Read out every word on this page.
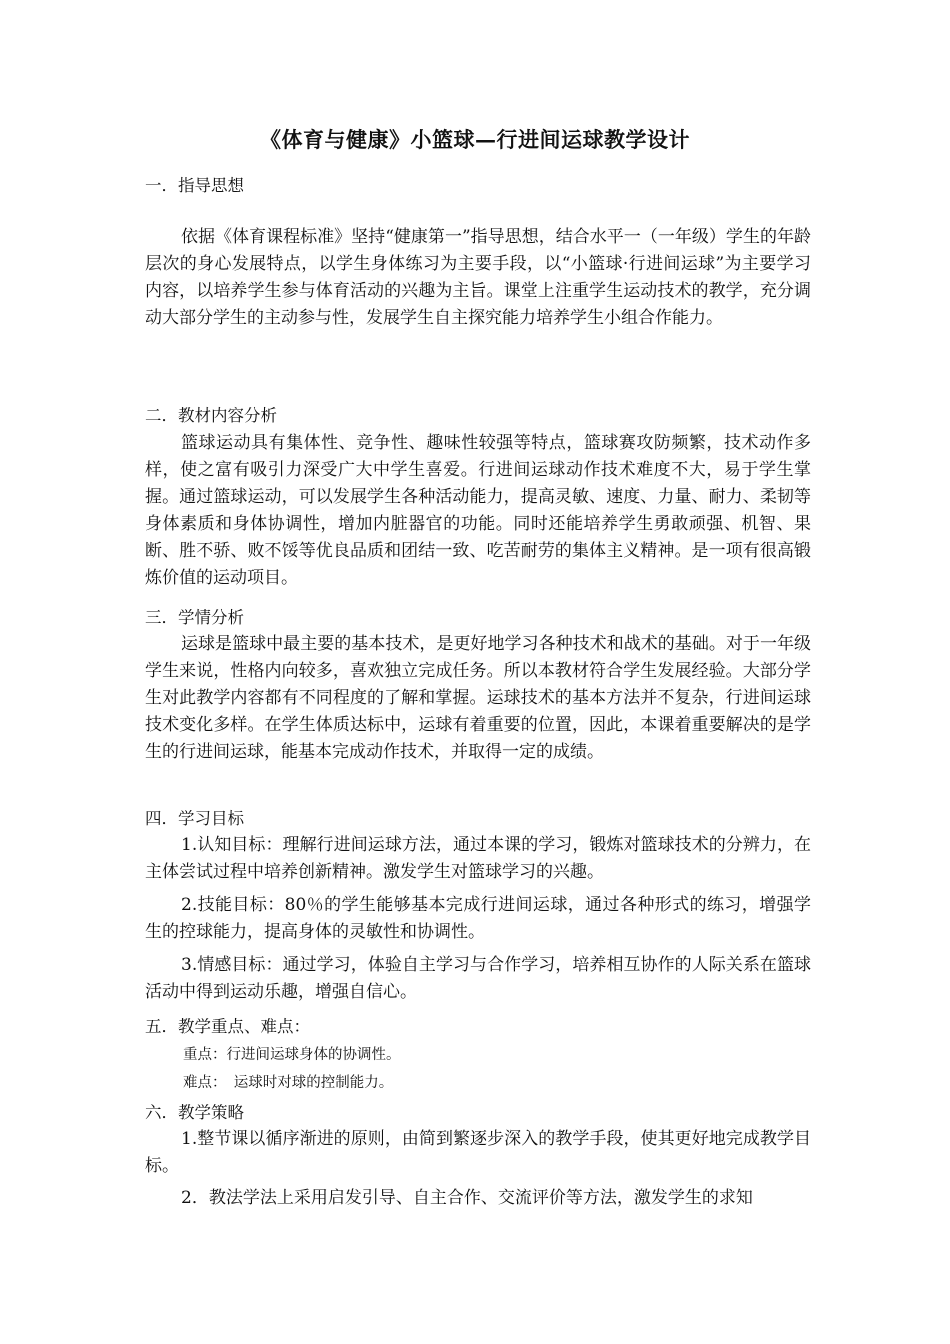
《体育与健康》小篮球—行进间运球教学设计
一．指导思想
依据《体育课程标准》坚持“健康第一”指导思想，结合水平一（一年级）学生的年龄层次的身心发展特点，以学生身体练习为主要手段，以“小篮球·行进间运球”为主要学习内容，以培养学生参与体育活动的兴趣为主旨。课堂上注重学生运动技术的教学，充分调动大部分学生的主动参与性，发展学生自主探究能力培养学生小组合作能力。
二．教材内容分析
篮球运动具有集体性、竞争性、趣味性较强等特点，篮球赛攻防频繁，技术动作多样，使之富有吸引力深受广大中学生喜爱。行进间运球动作技术难度不大，易于学生掌握。通过篮球运动，可以发展学生各种活动能力，提高灵敏、速度、力量、耐力、柔韧等身体素质和身体协调性，增加内脏器官的功能。同时还能培养学生勇敢顽强、机智、果断、胜不骄、败不馁等优良品质和团结一致、吃苦耐劳的集体主义精神。是一项有很高锻炼价值的运动项目。
三．学情分析
运球是篮球中最主要的基本技术，是更好地学习各种技术和战术的基础。对于一年级学生来说，性格内向较多，喜欢独立完成任务。所以本教材符合学生发展经验。大部分学生对此教学内容都有不同程度的了解和掌握。运球技术的基本方法并不复杂，行进间运球技术变化多样。在学生体质达标中，运球有着重要的位置，因此，本课着重要解决的是学生的行进间运球，能基本完成动作技术，并取得一定的成绩。
四．学习目标
1.认知目标：理解行进间运球方法，通过本课的学习，锻炼对篮球技术的分辨力，在主体尝试过程中培养创新精神。激发学生对篮球学习的兴趣。
2.技能目标：80％的学生能够基本完成行进间运球，通过各种形式的练习，增强学生的控球能力，提高身体的灵敏性和协调性。
3.情感目标：通过学习，体验自主学习与合作学习，培养相互协作的人际关系在篮球活动中得到运动乐趣，增强自信心。
五．教学重点、难点：
重点：行进间运球身体的协调性。
难点：　运球时对球的控制能力。
六．教学策略
1.整节课以循序渐进的原则，由简到繁逐步深入的教学手段，使其更好地完成教学目标。
2．教法学法上采用启发引导、自主合作、交流评价等方法，激发学生的求知
